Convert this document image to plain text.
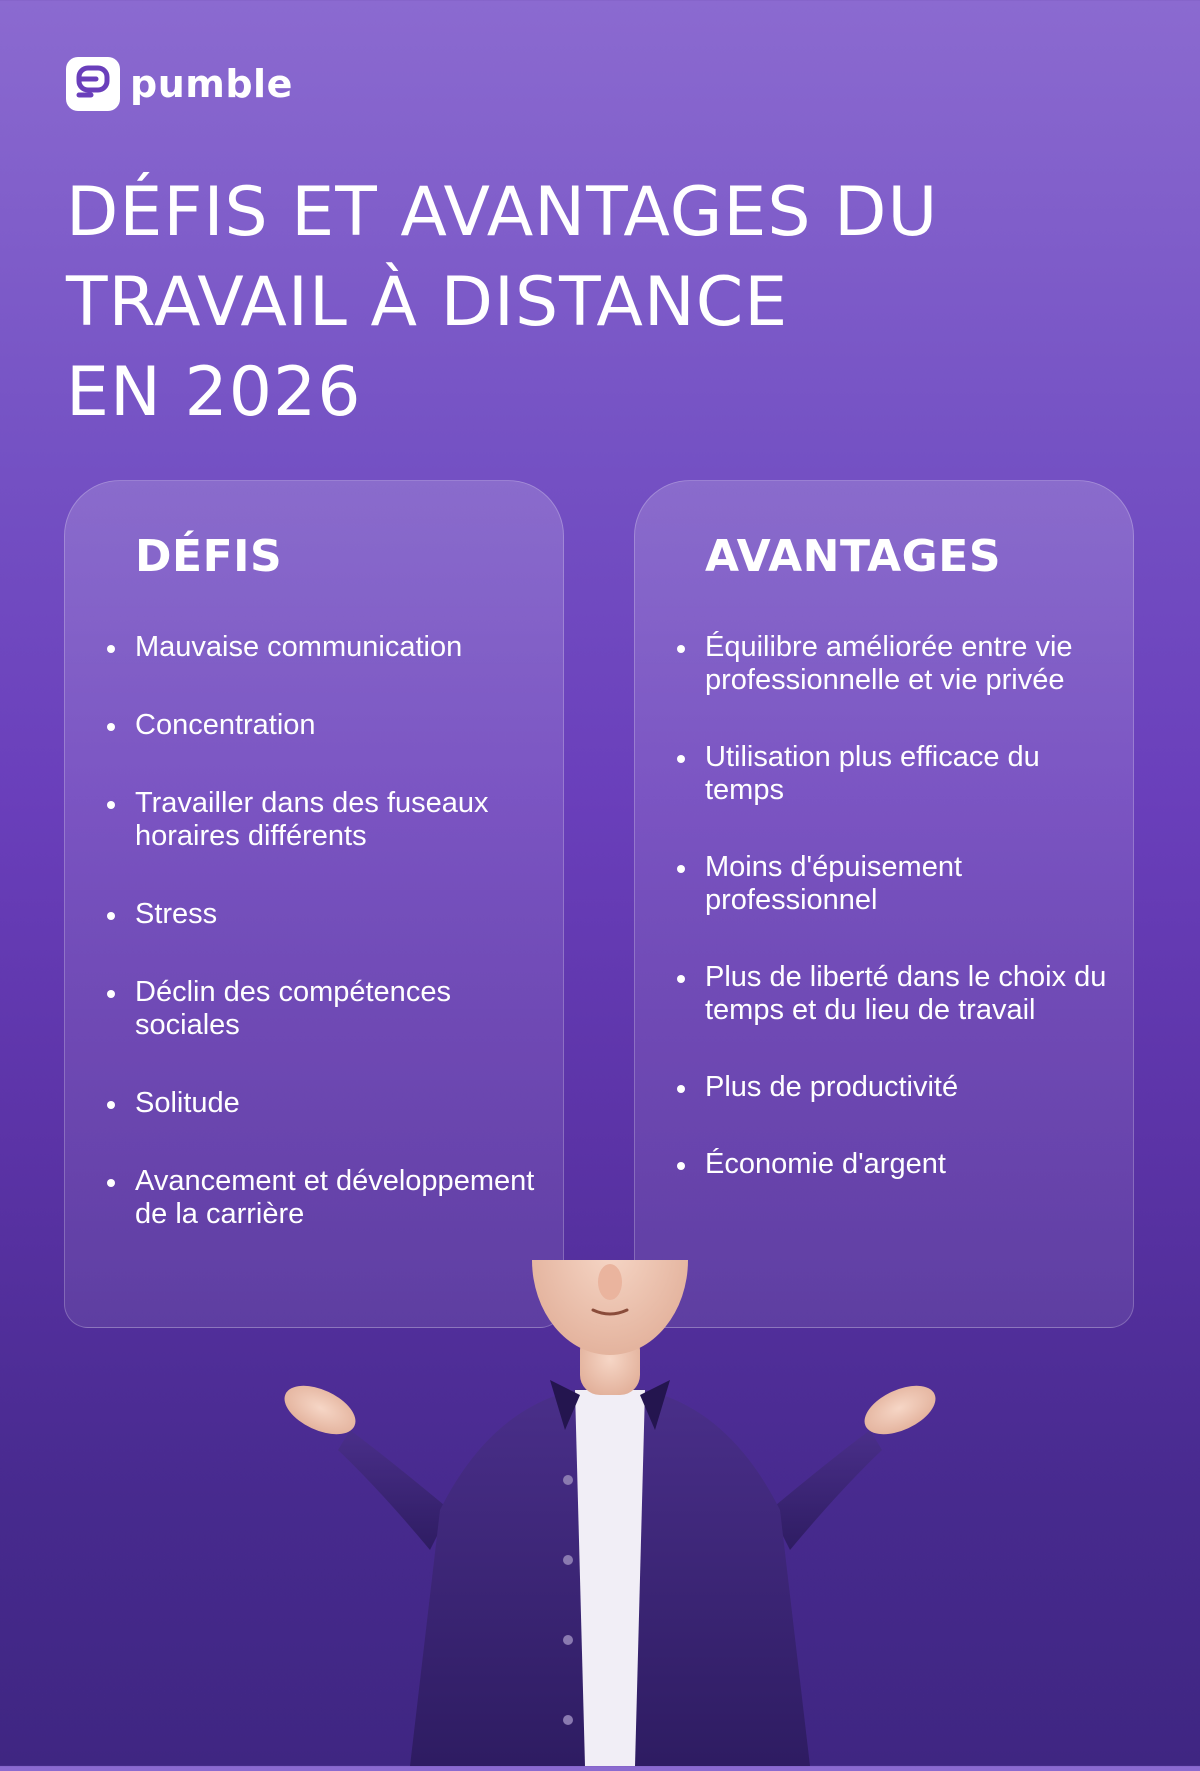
pumble
DÉFIS ET AVANTAGES DU
TRAVAIL À DISTANCE
EN 2026
DÉFIS
Mauvaise communication
Concentration
Travailler dans des fuseaux horaires différents
Stress
Déclin des compétences sociales
Solitude
Avancement et développement de la carrière
AVANTAGES
Équilibre améliorée entre vie professionnelle et vie privée
Utilisation plus efficace du temps
Moins d'épuisement professionnel
Plus de liberté dans le choix du temps et du lieu de travail
Plus de productivité
Économie d'argent
